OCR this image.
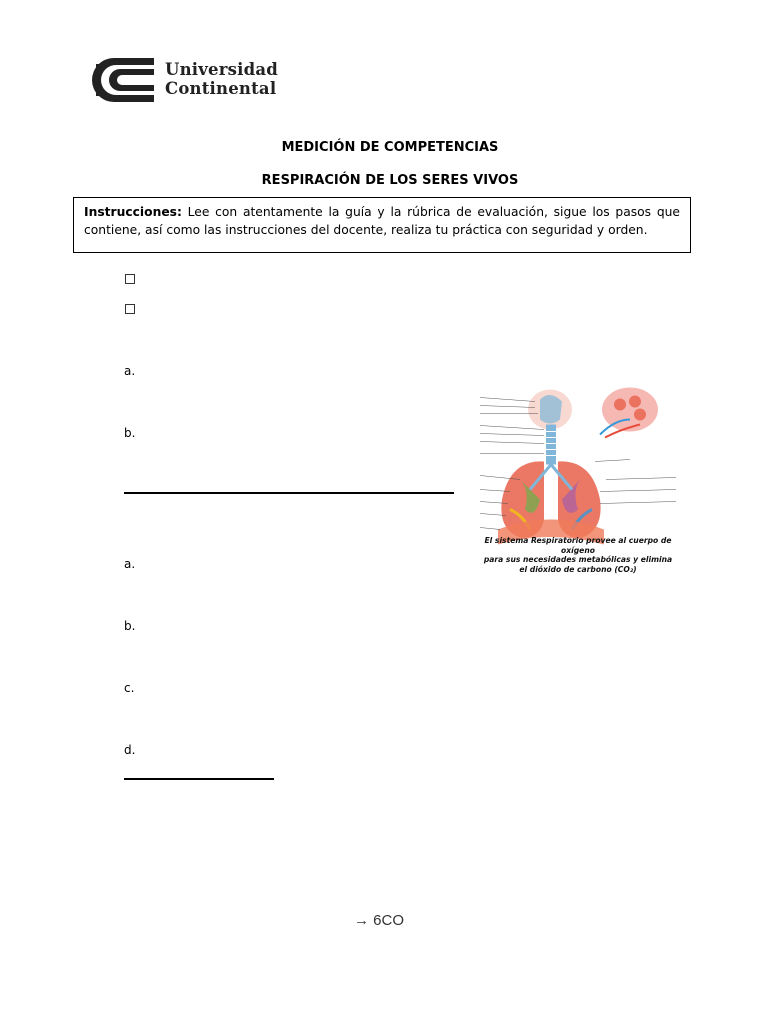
Universidad
Continental
MEDICIÓN DE COMPETENCIAS
RESPIRACIÓN DE LOS SERES VIVOS
Instrucciones: Lee con atentamente la guía y la rúbrica de evaluación, sigue los pasos que contiene, así como las instrucciones del docente, realiza tu práctica con seguridad y orden.
a.
b.
a.
b.
c.
d.
El sistema Respiratorio provee al cuerpo de oxígeno
para sus necesidades metabólicas y elimina
el dióxido de carbono (CO₂)
→ 6CO
